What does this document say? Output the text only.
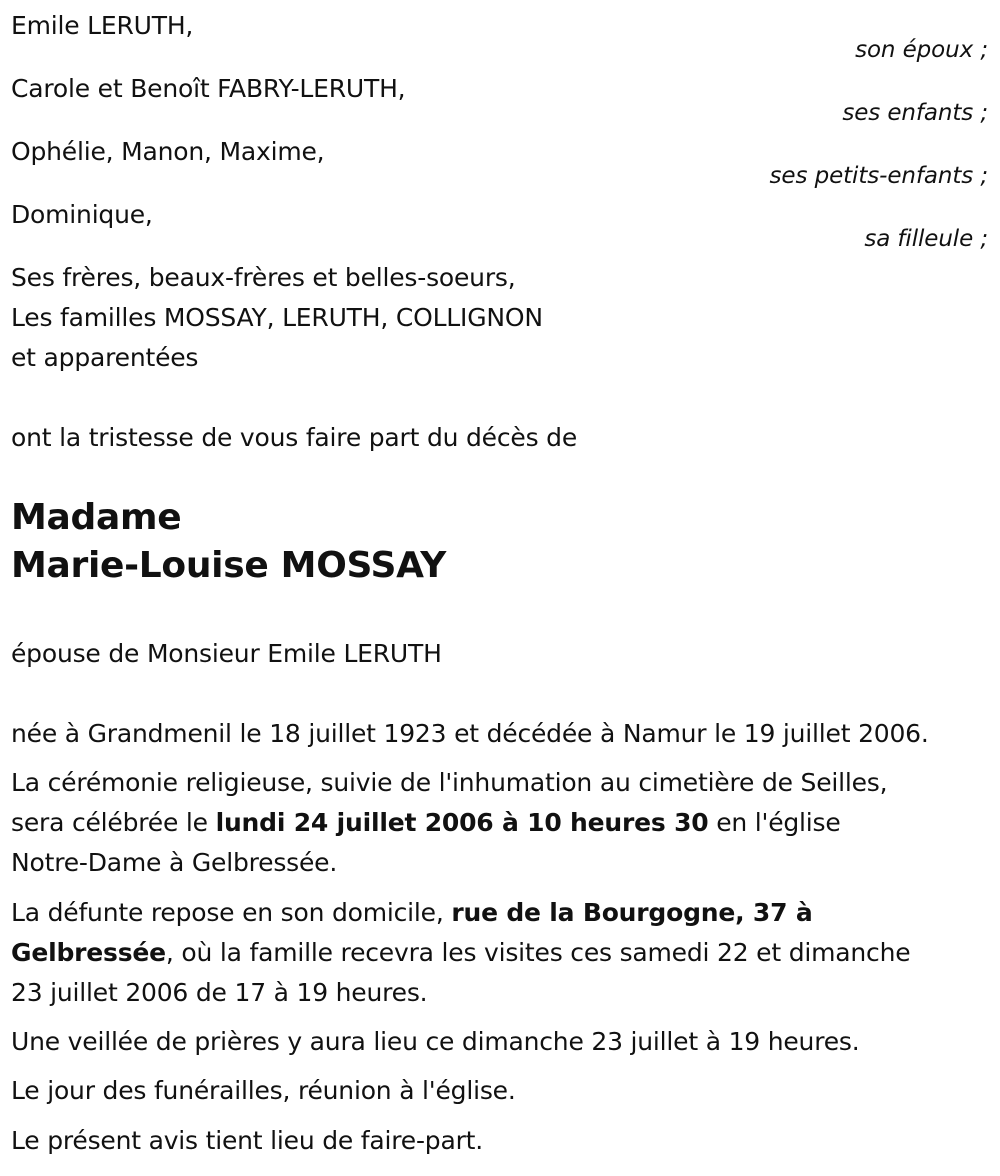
Emile LERUTH,
son époux ;
Carole et Benoît FABRY-LERUTH,
ses enfants ;
Ophélie, Manon, Maxime,
ses petits-enfants ;
Dominique,
sa filleule ;
Ses frères, beaux-frères et belles-soeurs,
Les familles MOSSAY, LERUTH, COLLIGNON
et apparentées
ont la tristesse de vous faire part du décès de
Madame
Marie-Louise MOSSAY
épouse de Monsieur Emile LERUTH
née à Grandmenil le 18 juillet 1923 et décédée à Namur le 19 juillet 2006.
La cérémonie religieuse, suivie de l'inhumation au cimetière de Seilles,
sera célébrée le lundi 24 juillet 2006 à 10 heures 30 en l'église
Notre-Dame à Gelbressée.
La défunte repose en son domicile, rue de la Bourgogne, 37 à
Gelbressée, où la famille recevra les visites ces samedi 22 et dimanche
23 juillet 2006 de 17 à 19 heures.
Une veillée de prières y aura lieu ce dimanche 23 juillet à 19 heures.
Le jour des funérailles, réunion à l'église.
Le présent avis tient lieu de faire-part.
